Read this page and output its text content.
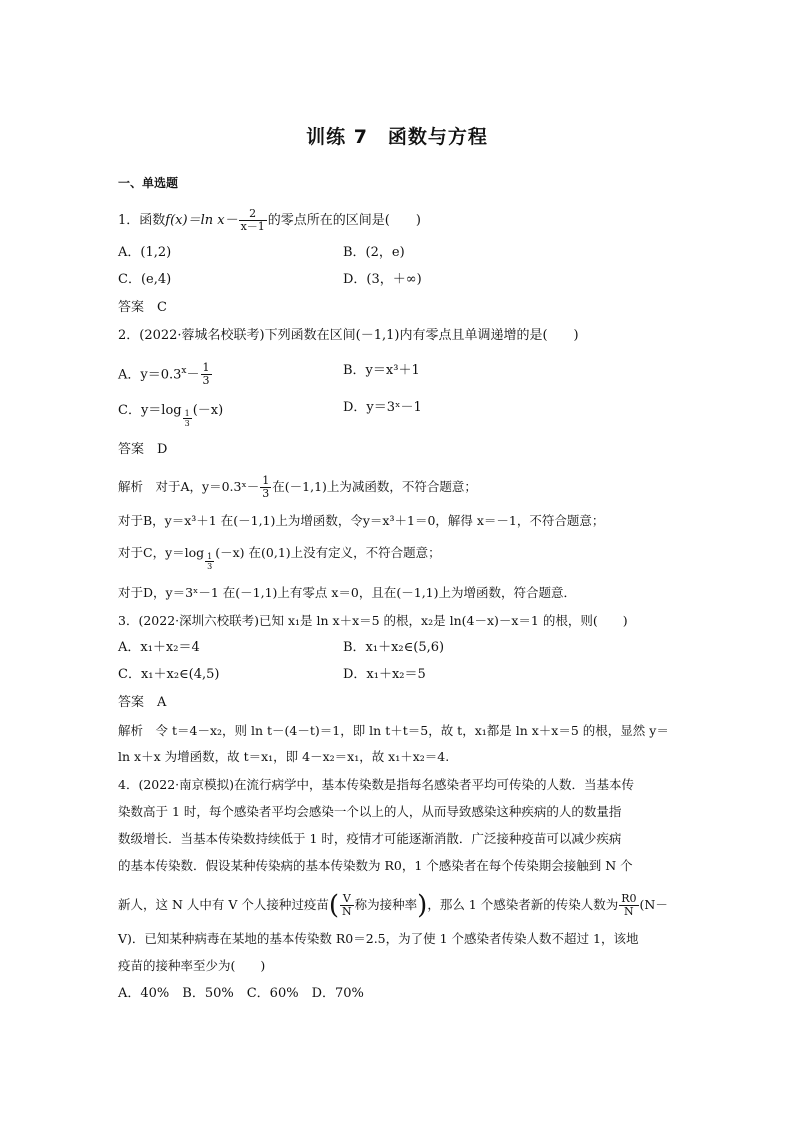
训练 7　函数与方程
一、单选题
1．函数f(x)＝ln $x- \frac{2}{x-1}$ 的零点所在的区间是(　　)
A．(1,2)	B．(2，e)
C．(e,4)	D．(3，＋∞)
答案　C
2．(2022·蓉城名校联考)下列函数在区间(－1,1)内有零点且单调递增的是(　　)
A．$y=0.3^x- \frac{1}{3}$	B．y＝x³＋1
C．$y=\log \frac{1}{3} (-x)$	D．y＝3ˣ－1
答案　D
解析　对于A，y＝0.3ˣ－ $\frac{1}{3}$ 在(－1,1)上为减函数，不符合题意；
对于B，y＝x³＋1 在(－1,1)上为增函数，令y＝x³＋1＝0，解得 x＝－1，不符合题意；
对于C，$y=\log \frac{1}{3} (-x)$ 在(0,1)上没有定义，不符合题意；
对于D，y＝3ˣ－1 在(－1,1)上有零点 x＝0，且在(－1,1)上为增函数，符合题意．
3．(2022·深圳六校联考)已知 x₁是 ln x＋x＝5 的根，x₂是 ln(4－x)－x＝1 的根，则(　　)
A．x₁＋x₂＝4	B．x₁＋x₂∈(5,6)
C．x₁＋x₂∈(4,5)	D．x₁＋x₂＝5
答案　A
解析　令 t＝4－x₂，则 ln t－(4－t)＝1，即 ln t＋t＝5，故 t，x₁都是 ln x＋x＝5 的根，显然 y＝
ln x＋x 为增函数，故 t＝x₁，即 4－x₂＝x₁，故 x₁＋x₂＝4.
4．(2022·南京模拟)在流行病学中，基本传染数是指每名感染者平均可传染的人数．当基本传
染数高于 1 时，每个感染者平均会感染一个以上的人，从而导致感染这种疾病的人的数量指
数级增长．当基本传染数持续低于 1 时，疫情才可能逐渐消散．广泛接种疫苗可以减少疾病
的基本传染数．假设某种传染病的基本传染数为 R0，1 个感染者在每个传染期会接触到 N 个
新人，这 N 人中有 V 个人接种过疫苗( $\frac{V}{N}$ 称为接种率)，那么 1 个感染者新的传染人数为 $\frac{R0}{N} (N-$
V)．已知某种病毒在某地的基本传染数 R0＝2.5，为了使 1 个感染者传染人数不超过 1，该地
疫苗的接种率至少为(　　)
A．40%　B．50%　C．60%　D．70%
